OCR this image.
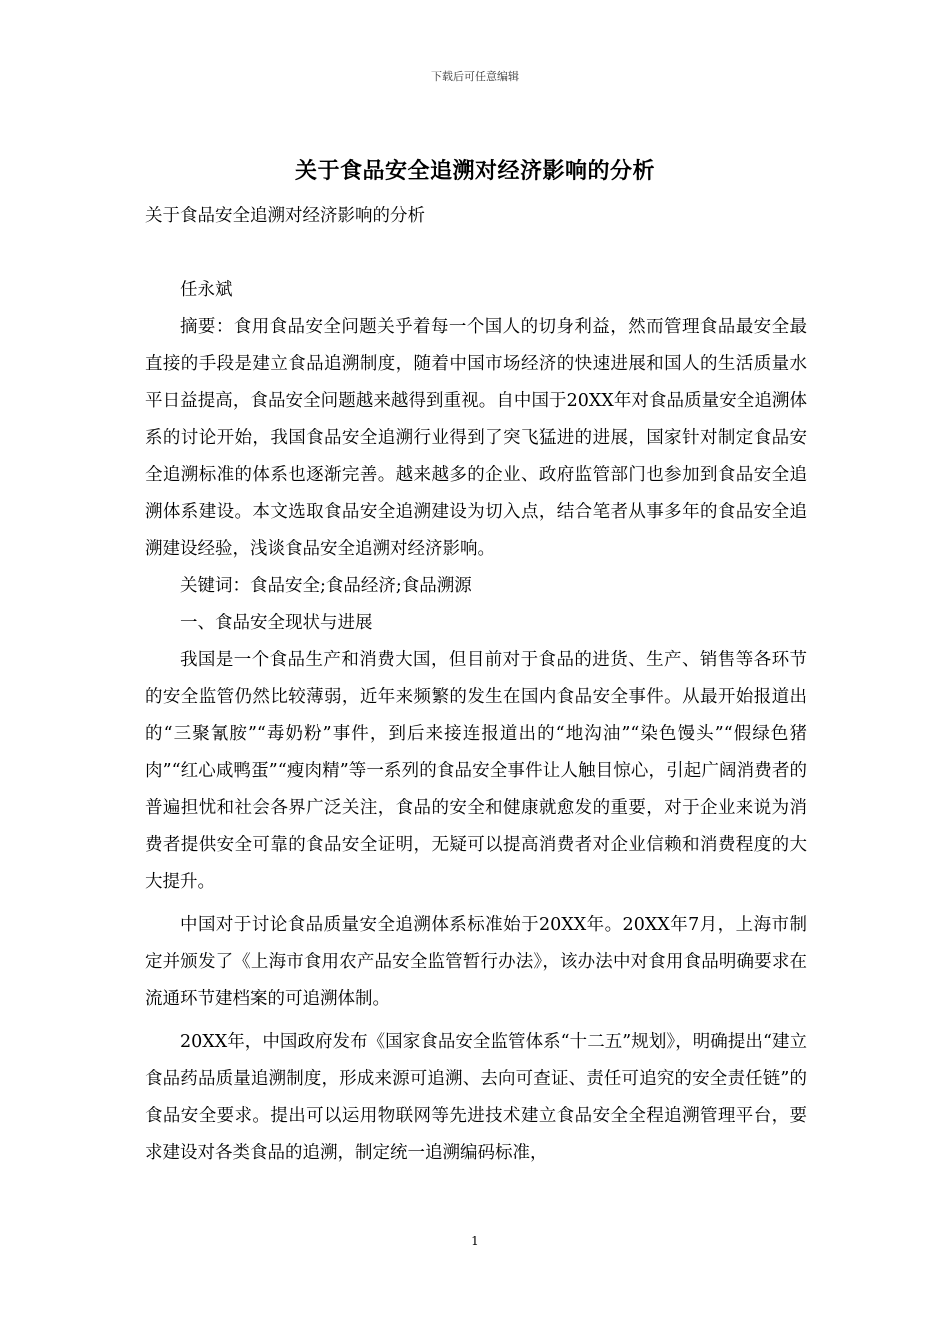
下载后可任意编辑
关于食品安全追溯对经济影响的分析

关于食品安全追溯对经济影响的分析

任永斌

摘要：食用食品安全问题关乎着每一个国人的切身利益，然而管理食品最安全最直接的手段是建立食品追溯制度，随着中国市场经济的快速进展和国人的生活质量水平日益提高，食品安全问题越来越得到重视。自中国于20XX年对食品质量安全追溯体系的讨论开始，我国食品安全追溯行业得到了突飞猛进的进展，国家针对制定食品安全追溯标准的体系也逐渐完善。越来越多的企业、政府监管部门也参加到食品安全追溯体系建设。本文选取食品安全追溯建设为切入点，结合笔者从事多年的食品安全追溯建设经验，浅谈食品安全追溯对经济影响。

关键词：食品安全;食品经济;食品溯源

一、食品安全现状与进展

我国是一个食品生产和消费大国，但目前对于食品的进货、生产、销售等各环节的安全监管仍然比较薄弱，近年来频繁的发生在国内食品安全事件。从最开始报道出的“三聚氰胺”“毒奶粉”事件，到后来接连报道出的“地沟油”“染色馒头”“假绿色猪肉”“红心咸鸭蛋”“瘦肉精”等一系列的食品安全事件让人触目惊心，引起广阔消费者的普遍担忧和社会各界广泛关注，食品的安全和健康就愈发的重要，对于企业来说为消费者提供安全可靠的食品安全证明，无疑可以提高消费者对企业信赖和消费程度的大大提升。

中国对于讨论食品质量安全追溯体系标准始于20XX年。20XX年7月，上海市制定并颁发了《上海市食用农产品安全监管暂行办法》，该办法中对食用食品明确要求在流通环节建档案的可追溯体制。

20XX年，中国政府发布《国家食品安全监管体系“十二五”规划》，明确提出“建立食品药品质量追溯制度，形成来源可追溯、去向可查证、责任可追究的安全责任链”的食品安全要求。提出可以运用物联网等先进技术建立食品安全全程追溯管理平台，要求建设对各类食品的追溯，制定统一追溯编码标准，

1
